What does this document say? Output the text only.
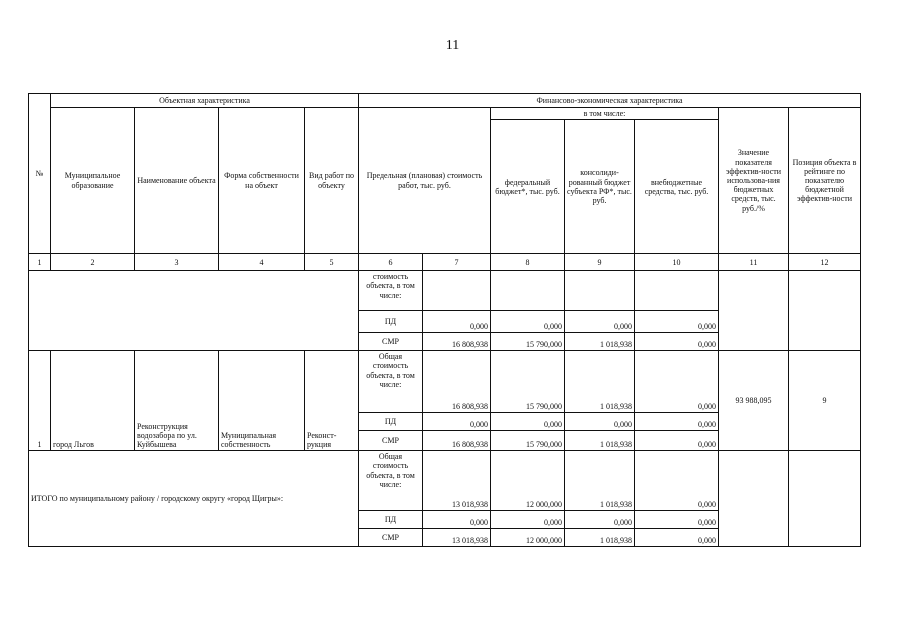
11
№	Объектная характеристика				Финансово-экономическая характеристика						
	Муниципальное образование	Наименование объекта	Форма собственности на объект	Вид работ по объекту	Предельная (плановая) стоимость работ, тыс. руб.		в том числе:			Значение показателя эффектив-ности использова-ния бюджетных средств, тыс. руб./%	Позиция объекта в рейтинге по показателю бюджетной эффектив-ности
							федеральный бюджет*, тыс. руб.	консолиди-рованный бюджет субъекта РФ*, тыс. руб.	внебюджетные средства, тыс. руб.		
1	2	3	4	5	6	7	8	9	10	11	12
					стоимость объекта, в том числе:						
					ПД	0,000	0,000	0,000	0,000		
					СМР	16 808,938	15 790,000	1 018,938	0,000		
1	город Льгов	Реконструкция водозабора по ул. Куйбышева	Муниципальная собственность	Реконст-рукция	Общая стоимость объекта, в том числе:	16 808,938	15 790,000	1 018,938	0,000	93 988,095	9
					ПД	0,000	0,000	0,000	0,000		
					СМР	16 808,938	15 790,000	1 018,938	0,000		
ИТОГО по муниципальному району / городскому округу «город Щигры»:					Общая стоимость объекта, в том числе:	13 018,938	12 000,000	1 018,938	0,000		
					ПД	0,000	0,000	0,000	0,000		
					СМР	13 018,938	12 000,000	1 018,938	0,000		
